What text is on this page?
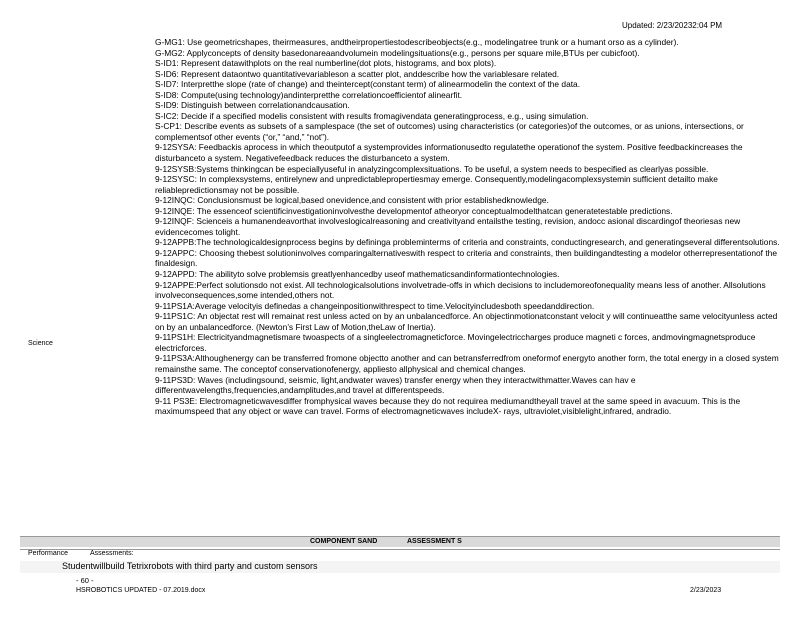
Updated: 2/23/20232:04 PM
Science
G-MG1: Use geometricshapes, theirmeasures, andtheirpropertiestodescribeobjects(e.g., modelingatree trunk or a humant orso as a cylinder).
G-MG2: Applyconcepts of density basedonareaandvolumein modelingsituations(e.g., persons per square mile,BTUs per cubicfoot).
S-ID1: Represent datawithplots on the real numberline(dot plots, histograms, and box plots).
S-ID6: Represent dataontwo quantitativevariableson a scatter plot, anddescribe how the variablesare related.
S-ID7: Interpretthe slope (rate of change) and theintercept(constant term) of alinearmodelin the context of the data.
S-ID8: Compute(using technology)andinterpretthe correlationcoefficientof alinearfit.
S-ID9: Distinguish between correlationandcausation.
S-IC2: Decide if a specified modelis consistent with results fromagivendata generatingprocess, e.g., using simulation.
S-CP1: Describe events as subsets of a samplespace (the set of outcomes) using characteristics (or categories)of the outcomes, or as unions, intersections, or complementsof other events (“or,” “and,” “not”).
9-12SYSA: Feedbackis aprocess in which theoutputof a systemprovides informationusedto regulatethe operationof the system. Positive feedbackincreases the disturbanceto a system. Negativefeedback reduces the disturbanceto a system.
9-12SYSB:Systems thinkingcan be especiallyuseful in analyzingcomplexsituations. To be useful, a system needs to bespecified as clearlyas possible.
9-12SYSC: In complexsystems, entirelynew and unpredictablepropertiesmay emerge. Consequently,modelingacomplexsystemin sufficient detailto make reliablepredictionsmay not be possible.
9-12INQC: Conclusionsmust be logical,based onevidence,and consistent with prior establishedknowledge.
9-12INQE: The essenceof scientificinvestigationinvolvesthe developmentof atheoryor conceptualmodelthatcan generatetestable predictions.
9-12INQF: Scienceis a humanendeavorthat involveslogicalreasoning and creativityand entailsthe testing, revision, andocc asional discardingof theoriesas new evidencecomes tolight.
9-12APPB:The technologicaldesignprocess begins by defininga probleminterms of criteria and constraints, conductingresearch, and generatingseveral differentsolutions.
9-12APPC: Choosing thebest solutioninvolves comparingalternativeswith respect to criteria and constraints, then buildingandtesting a modelor otherrepresentationof the finaldesign.
9-12APPD: The abilityto solve problemsis greatlyenhancedby useof mathematicsandinformationtechnologies.
9-12APPE:Perfect solutionsdo not exist. All technologicalsolutions involvetrade-offs in which decisions to includemoreofonequality means less of another. Allsolutions involveconsequences,some intended,others not.
9-11PS1A:Average velocityis definedas a changeinpositionwithrespect to time.Velocityincludesboth speedanddirection.
9-11PS1C: An objectat rest will remainat rest unless acted on by an unbalancedforce. An objectinmotionatconstant velocit y will continueatthe same velocityunless acted on by an unbalancedforce. (Newton’s First Law of Motion,theLaw of Inertia).
9-11PS1H: Electricityandmagnetismare twoaspects of a singleelectromagneticforce. Movingelectriccharges produce magneti c forces, andmovingmagnetsproduce electricforces.
9-11PS3A:Althoughenergy can be transferred fromone objectto another and can betransferredfrom oneformof energyto another form, the total energy in a closed system remainsthe same. The conceptof conservationofenergy, appliesto allphysical and chemical changes.
9-11PS3D: Waves (includingsound, seismic, light,andwater waves) transfer energy when they interactwithmatter.Waves can hav e differentwavelengths,frequencies,andamplitudes,and travel at differentspeeds.
9-11 PS3E: Electromagneticwavesdiffer fromphysical waves because they do not requirea mediumandtheyall travel at the same speed in avacuum. This is the maximumspeed that any object or wave can travel. Forms of electromagneticwaves includeX- rays, ultraviolet,visiblelight,infrared, andradio.
COMPONENT SAND	ASSESSMENT S
Performance	Assessments:
Studentwillbuild Tetrixrobots with third party and custom sensors
- 60 -
HSROBOTICS UPDATED - 07.2019.docx	2/23/2023
